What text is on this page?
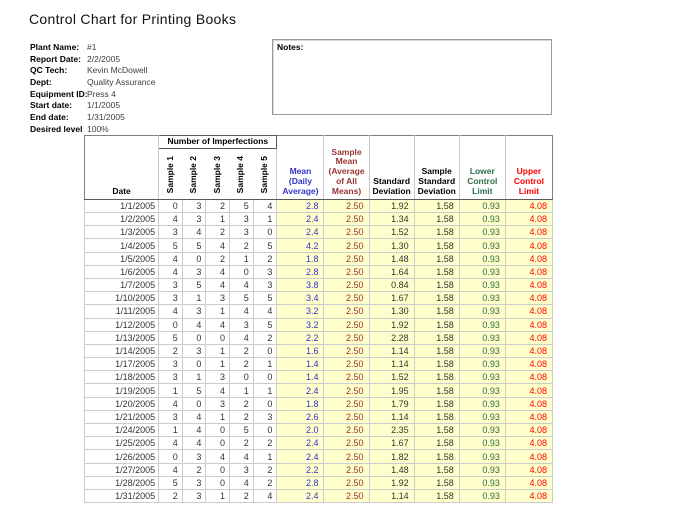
Control Chart for Printing Books
Plant Name: #1
Report Date: 2/2/2005
QC Tech:	Kevin McDowell
Dept:	Quality Assurance
Equipment ID: Press 4
Start date:	1/1/2005
End date:	1/31/2005
Desired level 100%
Notes:
Date	Number of Imperfections					Mean (Daily Average)	Sample Mean (Average of All Means)	Standard Deviation	Sample Standard Deviation	Lower Control Limit	Upper Control Limit
	Sample 1	Sample 2	Sample 3	Sample 4	Sample 5						
1/1/2005	0	3	2	5	4	2.8	2.50	1.92	1.58	0.93	4.08
1/2/2005	4	3	1	3	1	2.4	2.50	1.34	1.58	0.93	4.08
1/3/2005	3	4	2	3	0	2.4	2.50	1.52	1.58	0.93	4.08
1/4/2005	5	5	4	2	5	4.2	2.50	1.30	1.58	0.93	4.08
1/5/2005	4	0	2	1	2	1.8	2.50	1.48	1.58	0.93	4.08
1/6/2005	4	3	4	0	3	2.8	2.50	1.64	1.58	0.93	4.08
1/7/2005	3	5	4	4	3	3.8	2.50	0.84	1.58	0.93	4.08
1/10/2005	3	1	3	5	5	3.4	2.50	1.67	1.58	0.93	4.08
1/11/2005	4	3	1	4	4	3.2	2.50	1.30	1.58	0.93	4.08
1/12/2005	0	4	4	3	5	3.2	2.50	1.92	1.58	0.93	4.08
1/13/2005	5	0	0	4	2	2.2	2.50	2.28	1.58	0.93	4.08
1/14/2005	2	3	1	2	0	1.6	2.50	1.14	1.58	0.93	4.08
1/17/2005	3	0	1	2	1	1.4	2.50	1.14	1.58	0.93	4.08
1/18/2005	3	1	3	0	0	1.4	2.50	1.52	1.58	0.93	4.08
1/19/2005	1	5	4	1	1	2.4	2.50	1.95	1.58	0.93	4.08
1/20/2005	4	0	3	2	0	1.8	2.50	1.79	1.58	0.93	4.08
1/21/2005	3	4	1	2	3	2.6	2.50	1.14	1.58	0.93	4.08
1/24/2005	1	4	0	5	0	2.0	2.50	2.35	1.58	0.93	4.08
1/25/2005	4	4	0	2	2	2.4	2.50	1.67	1.58	0.93	4.08
1/26/2005	0	3	4	4	1	2.4	2.50	1.82	1.58	0.93	4.08
1/27/2005	4	2	0	3	2	2.2	2.50	1.48	1.58	0.93	4.08
1/28/2005	5	3	0	4	2	2.8	2.50	1.92	1.58	0.93	4.08
1/31/2005	2	3	1	2	4	2.4	2.50	1.14	1.58	0.93	4.08
